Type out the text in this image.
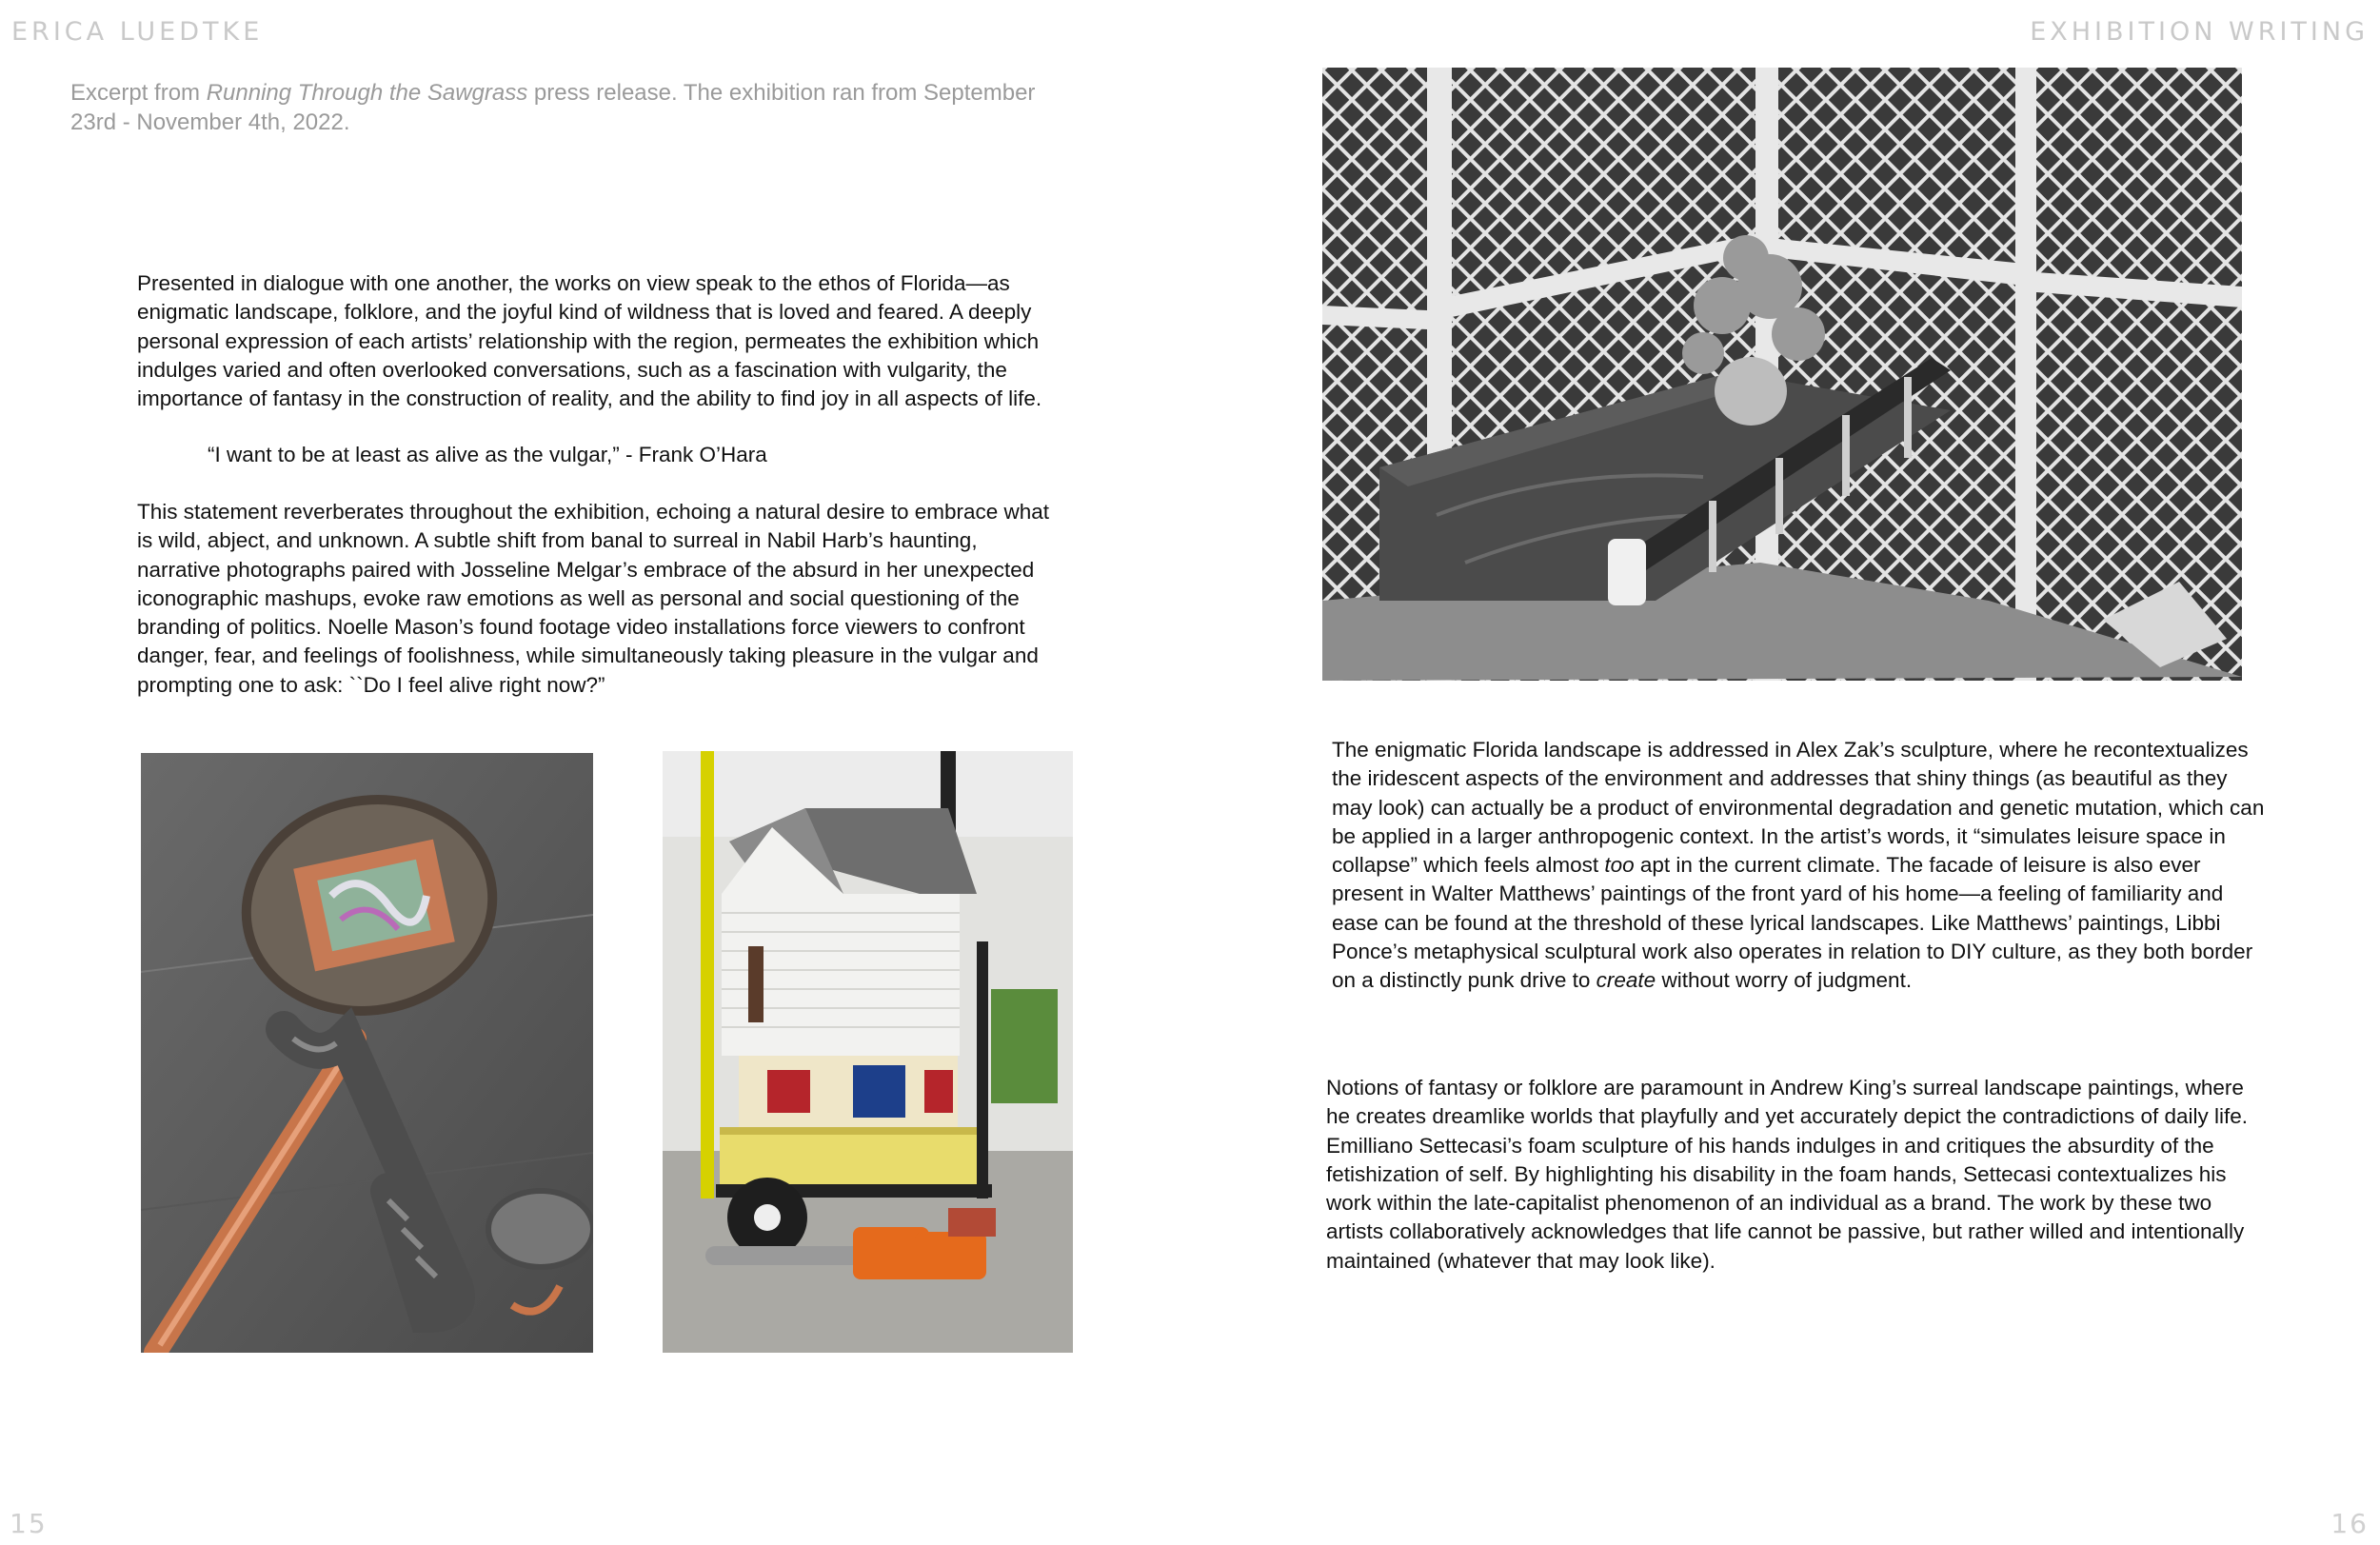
ERICA LUEDTKE	EXHIBITION WRITING
Excerpt from Running Through the Sawgrass press release. The exhibition ran from September 23rd - November 4th, 2022.

Presented in dialogue with one another, the works on view speak to the ethos of Florida—as enigmatic landscape, folklore, and the joyful kind of wildness that is loved and feared. A deeply personal expression of each artists’ relationship with the region, permeates the exhibition which indulges varied and often overlooked conversations, such as a fascination with vulgarity, the importance of fantasy in the construction of reality, and the ability to find joy in all aspects of life.

“I want to be at least as alive as the vulgar,” - Frank O’Hara

This statement reverberates throughout the exhibition, echoing a natural desire to embrace what is wild, abject, and unknown. A subtle shift from banal to surreal in Nabil Harb’s haunting, narrative photographs paired with Josseline Melgar’s embrace of the absurd in her unexpected iconographic mashups, evoke raw emotions as well as personal and social questioning of the branding of politics. Noelle Mason’s found footage video installations force viewers to confront danger, fear, and feelings of foolishness, while simultaneously taking pleasure in the vulgar and prompting one to ask: ``Do I feel alive right now?”

The enigmatic Florida landscape is addressed in Alex Zak’s sculpture, where he recontextualizes the iridescent aspects of the environment and addresses that shiny things (as beautiful as they may look) can actually be a product of environmental degradation and genetic mutation, which can be applied in a larger anthropogenic context. In the artist’s words, it “simulates leisure space in collapse” which feels almost too apt in the current climate. The facade of leisure is also ever present in Walter Matthews’ paintings of the front yard of his home—a feeling of familiarity and ease can be found at the threshold of these lyrical landscapes. Like Matthews’ paintings, Libbi Ponce’s metaphysical sculptural work also operates in relation to DIY culture, as they both border on a distinctly punk drive to create without worry of judgment.

Notions of fantasy or folklore are paramount in Andrew King’s surreal landscape paintings, where he creates dreamlike worlds that playfully and yet accurately depict the contradictions of daily life. Emilliano Settecasi’s foam sculpture of his hands indulges in and critiques the absurdity of the fetishization of self. By highlighting his disability in the foam hands, Settecasi contextualizes his work within the late-capitalist phenomenon of an individual as a brand. The work by these two artists collaboratively acknowledges that life cannot be passive, but rather willed and intentionally maintained (whatever that may look like).

15	16
